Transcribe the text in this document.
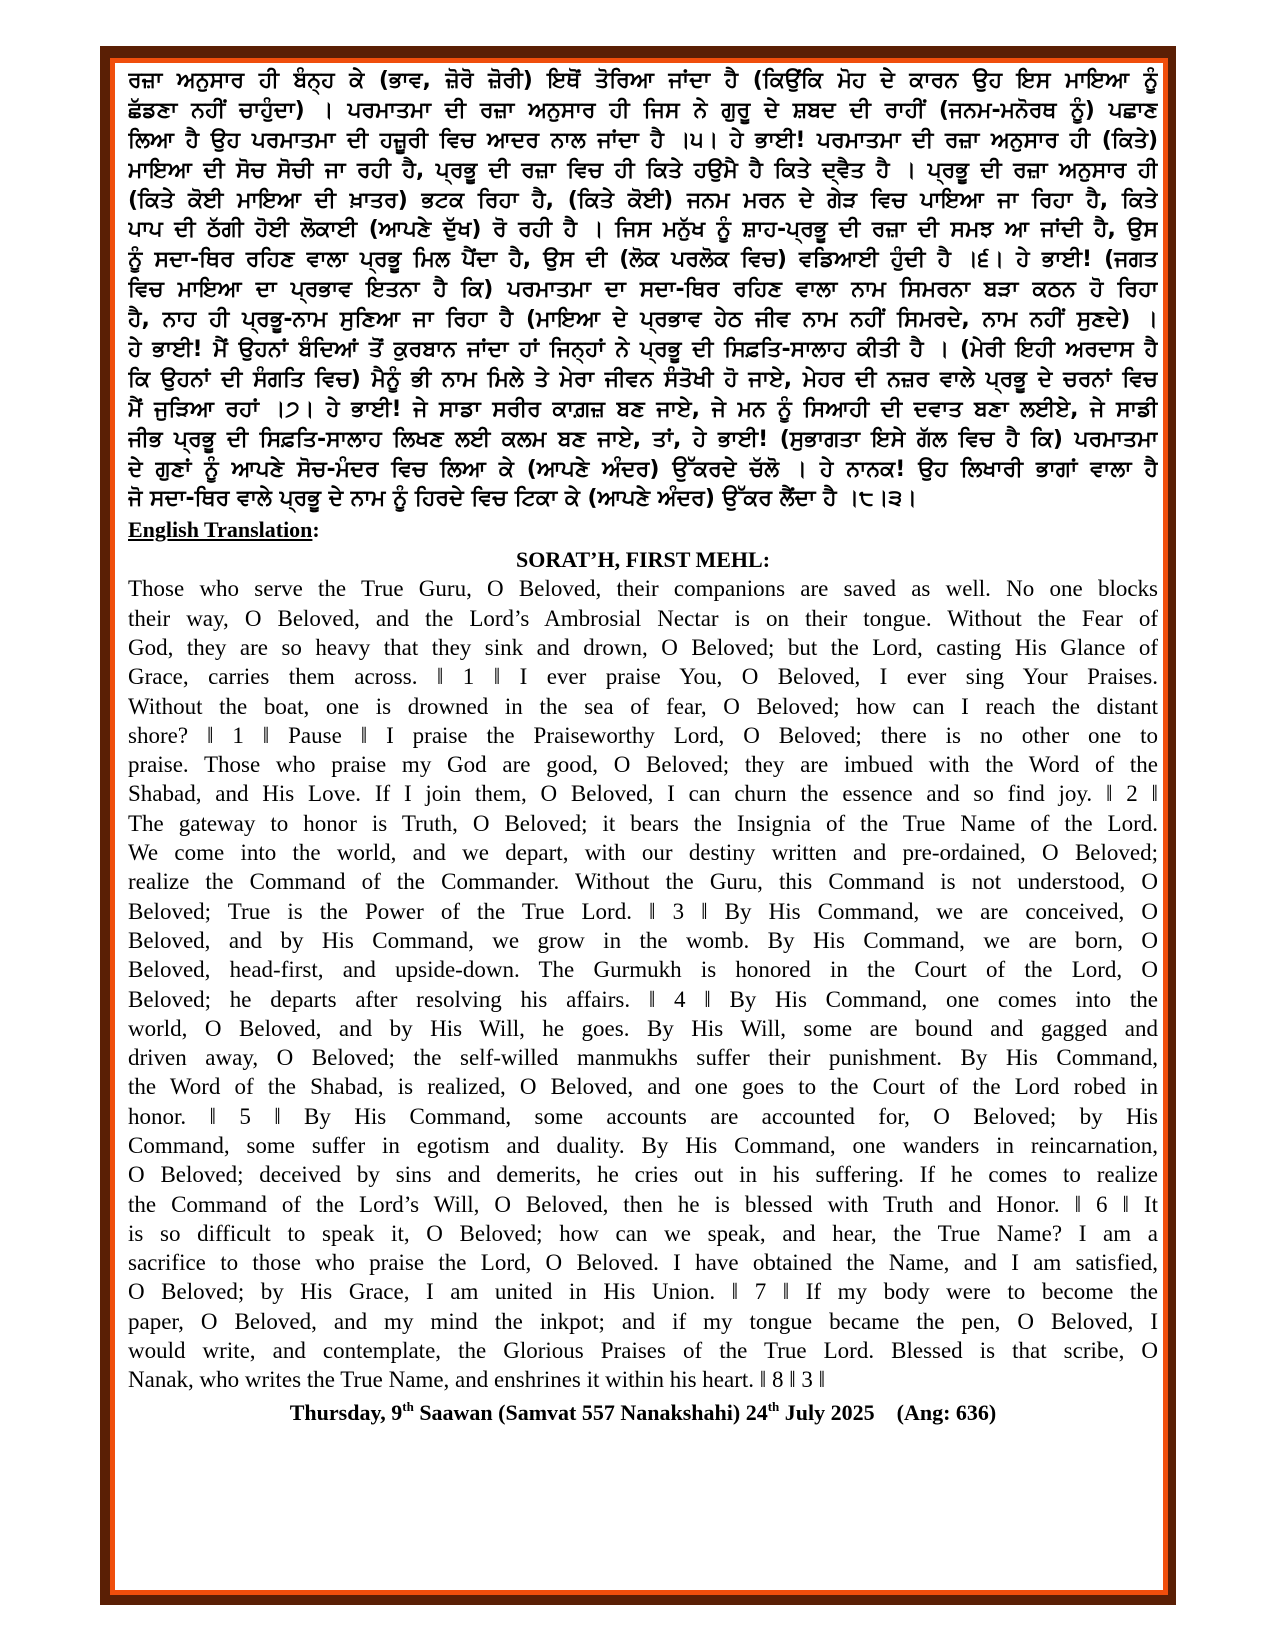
ਰਜ਼ਾ ਅਨੁਸਾਰ ਹੀ ਬੰਨ੍ਹ ਕੇ (ਭਾਵ, ਜ਼ੋਰੋ ਜ਼ੋਰੀ) ਇਥੋਂ ਤੋਰਿਆ ਜਾਂਦਾ ਹੈ (ਕਿਉਂਕਿ ਮੋਹ ਦੇ ਕਾਰਨ ਉਹ ਇਸ ਮਾਇਆ ਨੂੰ
ਛੱਡਣਾ ਨਹੀਂ ਚਾਹੁੰਦਾ) । ਪਰਮਾਤਮਾ ਦੀ ਰਜ਼ਾ ਅਨੁਸਾਰ ਹੀ ਜਿਸ ਨੇ ਗੁਰੂ ਦੇ ਸ਼ਬਦ ਦੀ ਰਾਹੀਂ (ਜਨਮ-ਮਨੋਰਥ ਨੂੰ) ਪਛਾਣ
ਲਿਆ ਹੈ ਉਹ ਪਰਮਾਤਮਾ ਦੀ ਹਜ਼ੂਰੀ ਵਿਚ ਆਦਰ ਨਾਲ ਜਾਂਦਾ ਹੈ ।੫। ਹੇ ਭਾਈ! ਪਰਮਾਤਮਾ ਦੀ ਰਜ਼ਾ ਅਨੁਸਾਰ ਹੀ (ਕਿਤੇ)
ਮਾਇਆ ਦੀ ਸੋਚ ਸੋਚੀ ਜਾ ਰਹੀ ਹੈ, ਪ੍ਰਭੂ ਦੀ ਰਜ਼ਾ ਵਿਚ ਹੀ ਕਿਤੇ ਹਉਮੈ ਹੈ ਕਿਤੇ ਦ੍ਵੈਤ ਹੈ । ਪ੍ਰਭੂ ਦੀ ਰਜ਼ਾ ਅਨੁਸਾਰ ਹੀ
(ਕਿਤੇ ਕੋਈ ਮਾਇਆ ਦੀ ਖ਼ਾਤਰ) ਭਟਕ ਰਿਹਾ ਹੈ, (ਕਿਤੇ ਕੋਈ) ਜਨਮ ਮਰਨ ਦੇ ਗੇੜ ਵਿਚ ਪਾਇਆ ਜਾ ਰਿਹਾ ਹੈ, ਕਿਤੇ
ਪਾਪ ਦੀ ਠੱਗੀ ਹੋਈ ਲੋਕਾਈ (ਆਪਣੇ ਦੁੱਖ) ਰੋ ਰਹੀ ਹੈ । ਜਿਸ ਮਨੁੱਖ ਨੂੰ ਸ਼ਾਹ-ਪ੍ਰਭੂ ਦੀ ਰਜ਼ਾ ਦੀ ਸਮਝ ਆ ਜਾਂਦੀ ਹੈ, ਉਸ
ਨੂੰ ਸਦਾ-ਥਿਰ ਰਹਿਣ ਵਾਲਾ ਪ੍ਰਭੂ ਮਿਲ ਪੈਂਦਾ ਹੈ, ਉਸ ਦੀ (ਲੋਕ ਪਰਲੋਕ ਵਿਚ) ਵਡਿਆਈ ਹੁੰਦੀ ਹੈ ।੬। ਹੇ ਭਾਈ! (ਜਗਤ
ਵਿਚ ਮਾਇਆ ਦਾ ਪ੍ਰਭਾਵ ਇਤਨਾ ਹੈ ਕਿ) ਪਰਮਾਤਮਾ ਦਾ ਸਦਾ-ਥਿਰ ਰਹਿਣ ਵਾਲਾ ਨਾਮ ਸਿਮਰਨਾ ਬੜਾ ਕਠਨ ਹੋ ਰਿਹਾ
ਹੈ, ਨਾਹ ਹੀ ਪ੍ਰਭੂ-ਨਾਮ ਸੁਣਿਆ ਜਾ ਰਿਹਾ ਹੈ (ਮਾਇਆ ਦੇ ਪ੍ਰਭਾਵ ਹੇਠ ਜੀਵ ਨਾਮ ਨਹੀਂ ਸਿਮਰਦੇ, ਨਾਮ ਨਹੀਂ ਸੁਣਦੇ) ।
ਹੇ ਭਾਈ! ਮੈਂ ਉਹਨਾਂ ਬੰਦਿਆਂ ਤੋਂ ਕੁਰਬਾਨ ਜਾਂਦਾ ਹਾਂ ਜਿਨ੍ਹਾਂ ਨੇ ਪ੍ਰਭੂ ਦੀ ਸਿਫ਼ਤਿ-ਸਾਲਾਹ ਕੀਤੀ ਹੈ । (ਮੇਰੀ ਇਹੀ ਅਰਦਾਸ ਹੈ
ਕਿ ਉਹਨਾਂ ਦੀ ਸੰਗਤਿ ਵਿਚ) ਮੈਨੂੰ ਭੀ ਨਾਮ ਮਿਲੇ ਤੇ ਮੇਰਾ ਜੀਵਨ ਸੰਤੋਖੀ ਹੋ ਜਾਏ, ਮੇਹਰ ਦੀ ਨਜ਼ਰ ਵਾਲੇ ਪ੍ਰਭੂ ਦੇ ਚਰਨਾਂ ਵਿਚ
ਮੈਂ ਜੁੜਿਆ ਰਹਾਂ ।੭। ਹੇ ਭਾਈ! ਜੇ ਸਾਡਾ ਸਰੀਰ ਕਾਗ਼ਜ਼ ਬਣ ਜਾਏ, ਜੇ ਮਨ ਨੂੰ ਸਿਆਹੀ ਦੀ ਦਵਾਤ ਬਣਾ ਲਈਏ, ਜੇ ਸਾਡੀ
ਜੀਭ ਪ੍ਰਭੂ ਦੀ ਸਿਫ਼ਤਿ-ਸਾਲਾਹ ਲਿਖਣ ਲਈ ਕਲਮ ਬਣ ਜਾਏ, ਤਾਂ, ਹੇ ਭਾਈ! (ਸੁਭਾਗਤਾ ਇਸੇ ਗੱਲ ਵਿਚ ਹੈ ਕਿ) ਪਰਮਾਤਮਾ
ਦੇ ਗੁਣਾਂ ਨੂੰ ਆਪਣੇ ਸੋਚ-ਮੰਦਰ ਵਿਚ ਲਿਆ ਕੇ (ਆਪਣੇ ਅੰਦਰ) ਉੱਕਰਦੇ ਚੱਲੋ । ਹੇ ਨਾਨਕ! ਉਹ ਲਿਖਾਰੀ ਭਾਗਾਂ ਵਾਲਾ ਹੈ
ਜੋ ਸਦਾ-ਥਿਰ ਵਾਲੇ ਪ੍ਰਭੂ ਦੇ ਨਾਮ ਨੂੰ ਹਿਰਦੇ ਵਿਚ ਟਿਕਾ ਕੇ (ਆਪਣੇ ਅੰਦਰ) ਉੱਕਰ ਲੈਂਦਾ ਹੈ ।੮।੩।
English Translation:
SORAT’H, FIRST MEHL:
Those who serve the True Guru, O Beloved, their companions are saved as well. No one blocks
their way, O Beloved, and the Lord’s Ambrosial Nectar is on their tongue. Without the Fear of
God, they are so heavy that they sink and drown, O Beloved; but the Lord, casting His Glance of
Grace, carries them across. ‖ 1 ‖ I ever praise You, O Beloved, I ever sing Your Praises.
Without the boat, one is drowned in the sea of fear, O Beloved; how can I reach the distant
shore? ‖ 1 ‖ Pause ‖ I praise the Praiseworthy Lord, O Beloved; there is no other one to
praise. Those who praise my God are good, O Beloved; they are imbued with the Word of the
Shabad, and His Love. If I join them, O Beloved, I can churn the essence and so find joy. ‖ 2 ‖
The gateway to honor is Truth, O Beloved; it bears the Insignia of the True Name of the Lord.
We come into the world, and we depart, with our destiny written and pre-ordained, O Beloved;
realize the Command of the Commander. Without the Guru, this Command is not understood, O
Beloved; True is the Power of the True Lord. ‖ 3 ‖ By His Command, we are conceived, O
Beloved, and by His Command, we grow in the womb. By His Command, we are born, O
Beloved, head-first, and upside-down. The Gurmukh is honored in the Court of the Lord, O
Beloved; he departs after resolving his affairs. ‖ 4 ‖ By His Command, one comes into the
world, O Beloved, and by His Will, he goes. By His Will, some are bound and gagged and
driven away, O Beloved; the self-willed manmukhs suffer their punishment. By His Command,
the Word of the Shabad, is realized, O Beloved, and one goes to the Court of the Lord robed in
honor. ‖ 5 ‖ By His Command, some accounts are accounted for, O Beloved; by His
Command, some suffer in egotism and duality. By His Command, one wanders in reincarnation,
O Beloved; deceived by sins and demerits, he cries out in his suffering. If he comes to realize
the Command of the Lord’s Will, O Beloved, then he is blessed with Truth and Honor. ‖ 6 ‖ It
is so difficult to speak it, O Beloved; how can we speak, and hear, the True Name? I am a
sacrifice to those who praise the Lord, O Beloved. I have obtained the Name, and I am satisfied,
O Beloved; by His Grace, I am united in His Union. ‖ 7 ‖ If my body were to become the
paper, O Beloved, and my mind the inkpot; and if my tongue became the pen, O Beloved, I
would write, and contemplate, the Glorious Praises of the True Lord. Blessed is that scribe, O
Nanak, who writes the True Name, and enshrines it within his heart. ‖ 8 ‖ 3 ‖
Thursday, 9th Saawan (Samvat 557 Nanakshahi) 24th July 2025 (Ang: 636)
